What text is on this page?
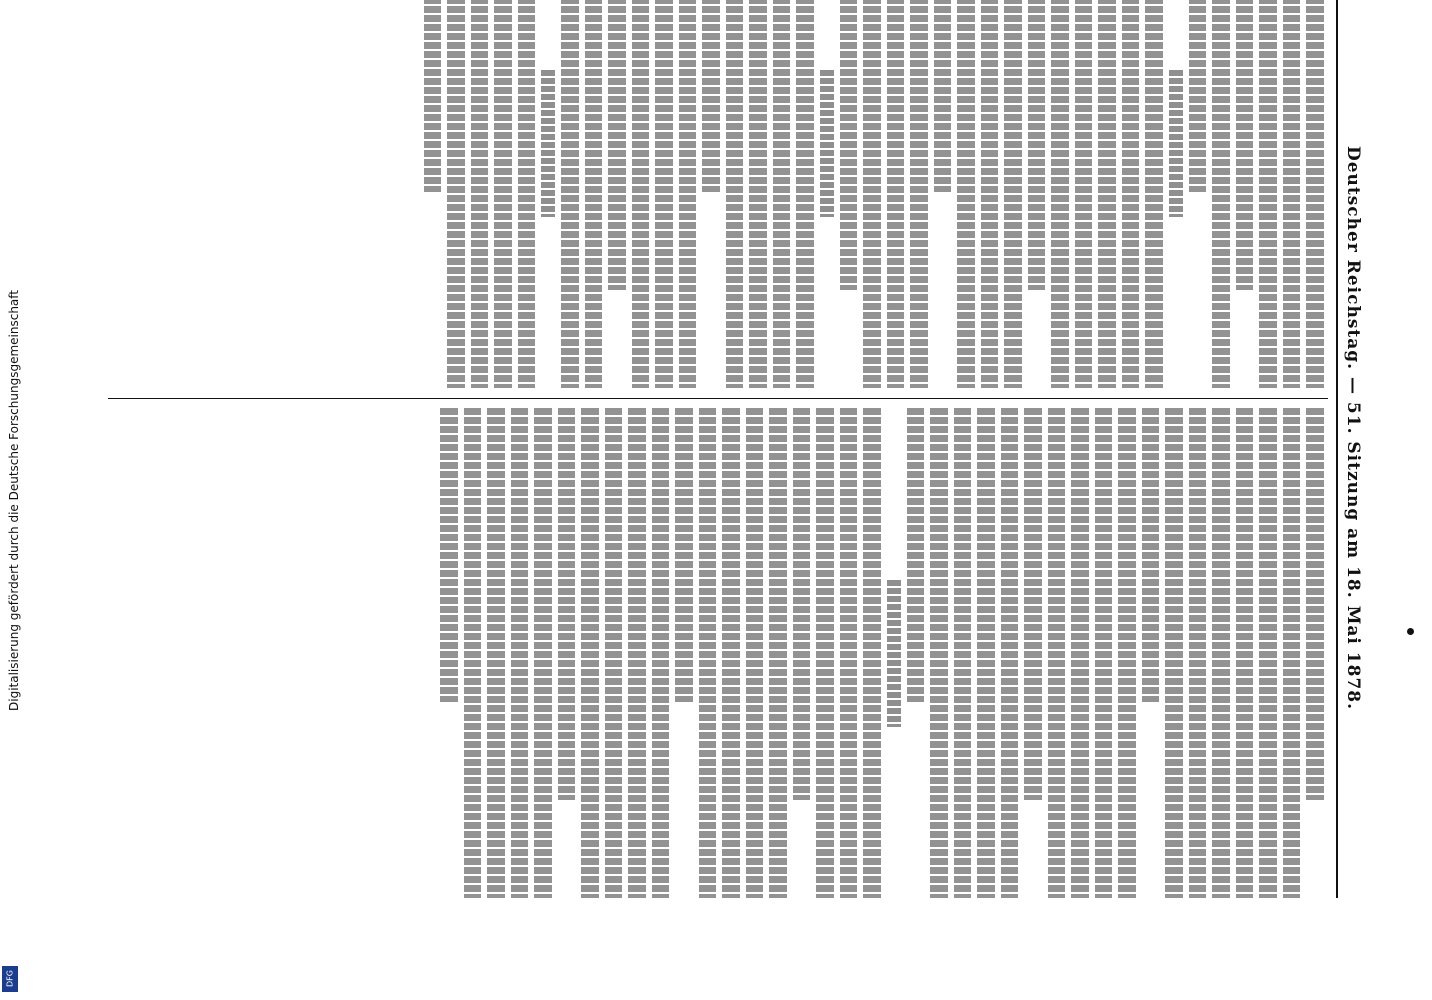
Digitalisierung gefördert durch die Deutsche Forschungsgemeinschaft
DFG
Deutscher Reichstag. — 51. Sitzung am 18. Mai 1878.
